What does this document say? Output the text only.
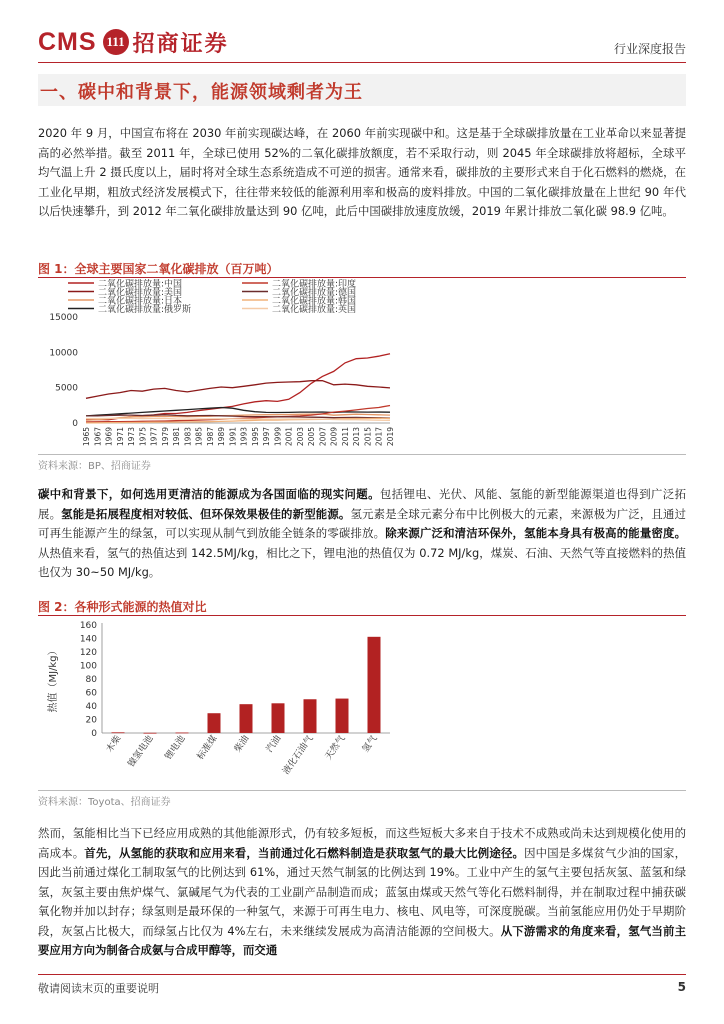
CMS 111 招商证券	行业深度报告
一、碳中和背景下，能源领域剩者为王
2020 年 9 月，中国宣布将在 2030 年前实现碳达峰，在 2060 年前实现碳中和。这是基于全球碳排放量在工业革命以来显著提高的必然举措。截至 2011 年，全球已使用 52%的二氧化碳排放额度，若不采取行动，则 2045 年全球碳排放将超标，全球平均气温上升 2 摄氏度以上，届时将对全球生态系统造成不可逆的损害。通常来看，碳排放的主要形式来自于化石燃料的燃烧，在工业化早期，粗放式经济发展模式下，往往带来较低的能源利用率和极高的废料排放。中国的二氧化碳排放量在上世纪 90 年代以后快速攀升，到 2012 年二氧化碳排放量达到 90 亿吨，此后中国碳排放速度放缓，2019 年累计排放二氧化碳 98.9 亿吨。
图 1：全球主要国家二氧化碳排放（百万吨）
二氧化碳排放量:中国
二氧化碳排放量:美国
二氧化碳排放量:日本
二氧化碳排放量:俄罗斯
二氧化碳排放量:印度
二氧化碳排放量:德国
二氧化碳排放量:韩国
二氧化碳排放量:英国
0
5000
10000
15000
1965 1967 1969 1971 1973 1975 1977 1979 1981 1983 1985 1987 1989 1991 1993 1995 1997 1999 2001 2003 2005 2007 2009 2011 2013 2015 2017 2019
资料来源：BP、招商证券
碳中和背景下，如何选用更清洁的能源成为各国面临的现实问题。包括锂电、光伏、风能、氢能的新型能源渠道也得到广泛拓展。氢能是拓展程度相对较低、但环保效果极佳的新型能源。氢元素是全球元素分布中比例极大的元素，来源极为广泛，且通过可再生能源产生的绿氢，可以实现从制气到放能全链条的零碳排放。除来源广泛和清洁环保外，氢能本身具有极高的能量密度。从热值来看，氢气的热值达到 142.5MJ/kg，相比之下，锂电池的热值仅为 0.72 MJ/kg，煤炭、石油、天然气等直接燃料的热值也仅为 30~50 MJ/kg。
图 2：各种形式能源的热值对比
0
20
40
60
80
100
120
140
160
热值（MJ/kg）
木柴 镍氢电池 锂电池 标准煤 柴油 汽油
液化石油气 天然气 氢气
资料来源：Toyota、招商证券
然而，氢能相比当下已经应用成熟的其他能源形式，仍有较多短板，而这些短板大多来自于技术不成熟或尚未达到规模化使用的高成本。首先，从氢能的获取和应用来看，当前通过化石燃料制造是获取氢气的最大比例途径。因中国是多煤贫气少油的国家，因此当前通过煤化工制取氢气的比例达到 61%，通过天然气制氢的比例达到 19%。工业中产生的氢气主要包括灰氢、蓝氢和绿氢，灰氢主要由焦炉煤气、氯碱尾气为代表的工业副产品制造而成；蓝氢由煤或天然气等化石燃料制得，并在制取过程中捕获碳氧化物并加以封存；绿氢则是最环保的一种氢气，来源于可再生电力、核电、风电等，可深度脱碳。当前氢能应用仍处于早期阶段，灰氢占比极大，而绿氢占比仅为 4%左右，未来继续发展成为高清洁能源的空间极大。从下游需求的角度来看，氢气当前主要应用方向为制备合成氨与合成甲醇等，而交通
敬请阅读末页的重要说明	5
